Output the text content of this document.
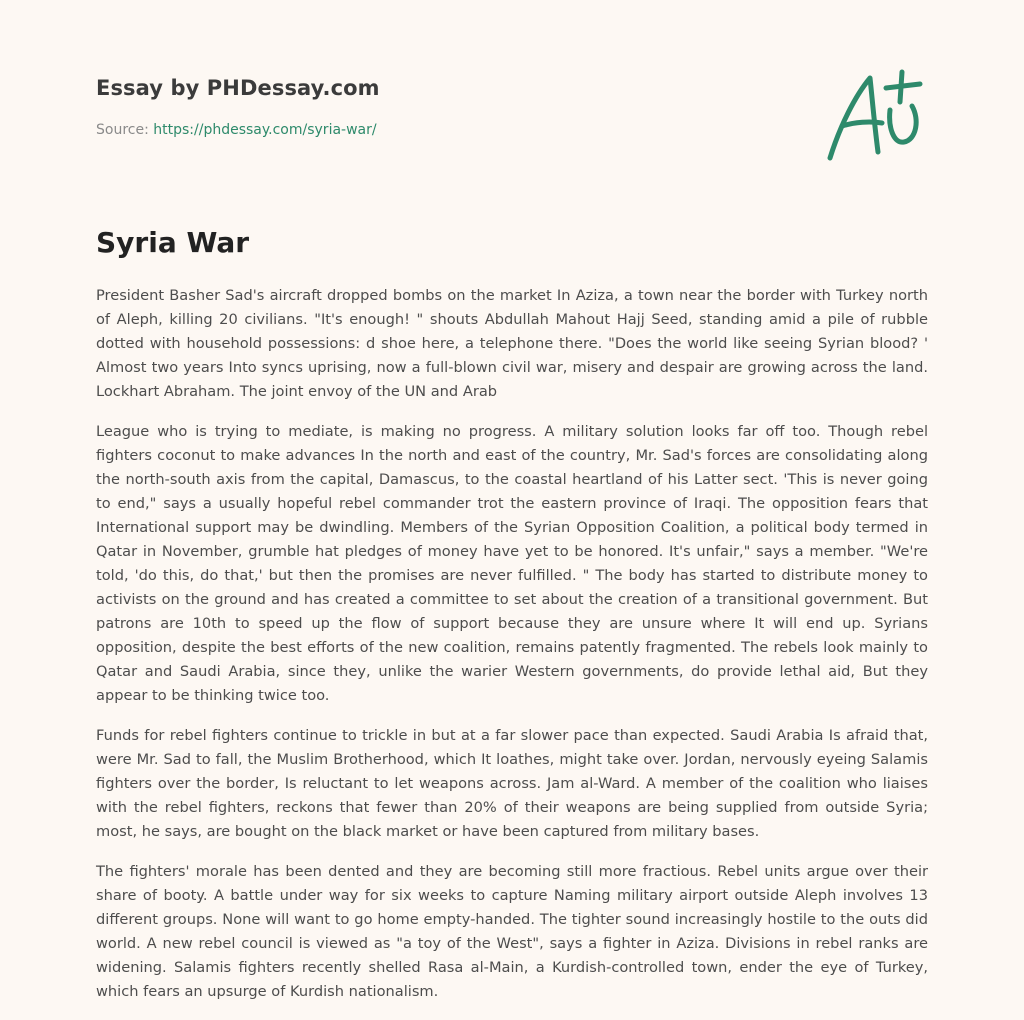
Essay by PHDessay.com
Source: https://phdessay.com/syria-war/
Syria War

President Basher Sad's aircraft dropped bombs on the market In Aziza, a town near the border with Turkey north of Aleph, killing 20 civilians. "It's enough! " shouts Abdullah Mahout Hajj Seed, standing amid a pile of rubble dotted with household possessions: d shoe here, a telephone there. "Does the world like seeing Syrian blood? ' Almost two years Into syncs uprising, now a full-blown civil war, misery and despair are growing across the land. Lockhart Abraham. The joint envoy of the UN and Arab

League who is trying to mediate, is making no progress. A military solution looks far off too. Though rebel fighters coconut to make advances In the north and east of the country, Mr. Sad's forces are consolidating along the north-south axis from the capital, Damascus, to the coastal heartland of his Latter sect. 'This is never going to end," says a usually hopeful rebel commander trot the eastern province of Iraqi. The opposition fears that International support may be dwindling. Members of the Syrian Opposition Coalition, a political body termed in Qatar in November, grumble hat pledges of money have yet to be honored. It's unfair," says a member. "We're told, 'do this, do that,' but then the promises are never fulfilled. " The body has started to distribute money to activists on the ground and has created a committee to set about the creation of a transitional government. But patrons are 10th to speed up the flow of support because they are unsure where It will end up. Syrians opposition, despite the best efforts of the new coalition, remains patently fragmented. The rebels look mainly to Qatar and Saudi Arabia, since they, unlike the warier Western governments, do provide lethal aid, But they appear to be thinking twice too.

Funds for rebel fighters continue to trickle in but at a far slower pace than expected. Saudi Arabia Is afraid that, were Mr. Sad to fall, the Muslim Brotherhood, which It loathes, might take over. Jordan, nervously eyeing Salamis fighters over the border, Is reluctant to let weapons across. Jam al-Ward. A member of the coalition who liaises with the rebel fighters, reckons that fewer than 20% of their weapons are being supplied from outside Syria; most, he says, are bought on the black market or have been captured from military bases.

The fighters' morale has been dented and they are becoming still more fractious. Rebel units argue over their share of booty. A battle under way for six weeks to capture Naming military airport outside Aleph involves 13 different groups. None will want to go home empty-handed. The tighter sound increasingly hostile to the outs did world. A new rebel council is viewed as "a toy of the West", says a fighter in Aziza. Divisions in rebel ranks are widening. Salamis fighters recently shelled Rasa al-Main, a Kurdish-controlled town, ender the eye of Turkey, which fears an upsurge of Kurdish nationalism.
